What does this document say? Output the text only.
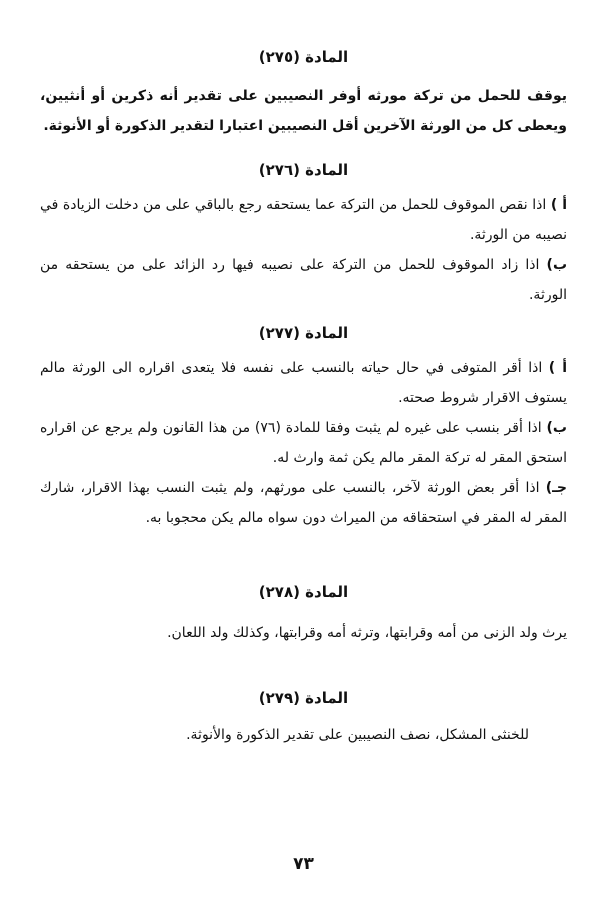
المادة (٢٧٥)

يوقف للحمل من تركة مورثه أوفر النصيبين على تقدير أنه ذكرين أو أنثيين، ويعطى كل من الورثة الآخرين أقل النصيبين اعتبارا لتقدير الذكورة أو الأنوثة.

المادة (٢٧٦)

أ ) اذا نقص الموقوف للحمل من التركة عما يستحقه رجع بالباقي على من دخلت الزيادة في نصيبه من الورثة.

ب) اذا زاد الموقوف للحمل من التركة على نصيبه فيها رد الزائد على من يستحقه من الورثة.

المادة (٢٧٧)

أ ) اذا أقر المتوفى في حال حياته بالنسب على نفسه فلا يتعدى اقراره الى الورثة مالم يستوف الاقرار شروط صحته.

ب) اذا أقر بنسب على غيره لم يثبت وفقا للمادة (٧٦) من هذا القانون ولم يرجع عن اقراره استحق المقر له تركة المقر مالم يكن ثمة وارث له.

جـ) اذا أقر بعض الورثة لآخر، بالنسب على مورثهم، ولم يثبت النسب بهذا الاقرار، شارك المقر له المقر في استحقاقه من الميراث دون سواه مالم يكن محجوبا به.

المادة (٢٧٨)

يرث ولد الزنى من أمه وقرابتها، وترثه أمه وقرابتها، وكذلك ولد اللعان.

المادة (٢٧٩)

للخنثى المشكل، نصف النصيبين على تقدير الذكورة والأنوثة.

٧٣
